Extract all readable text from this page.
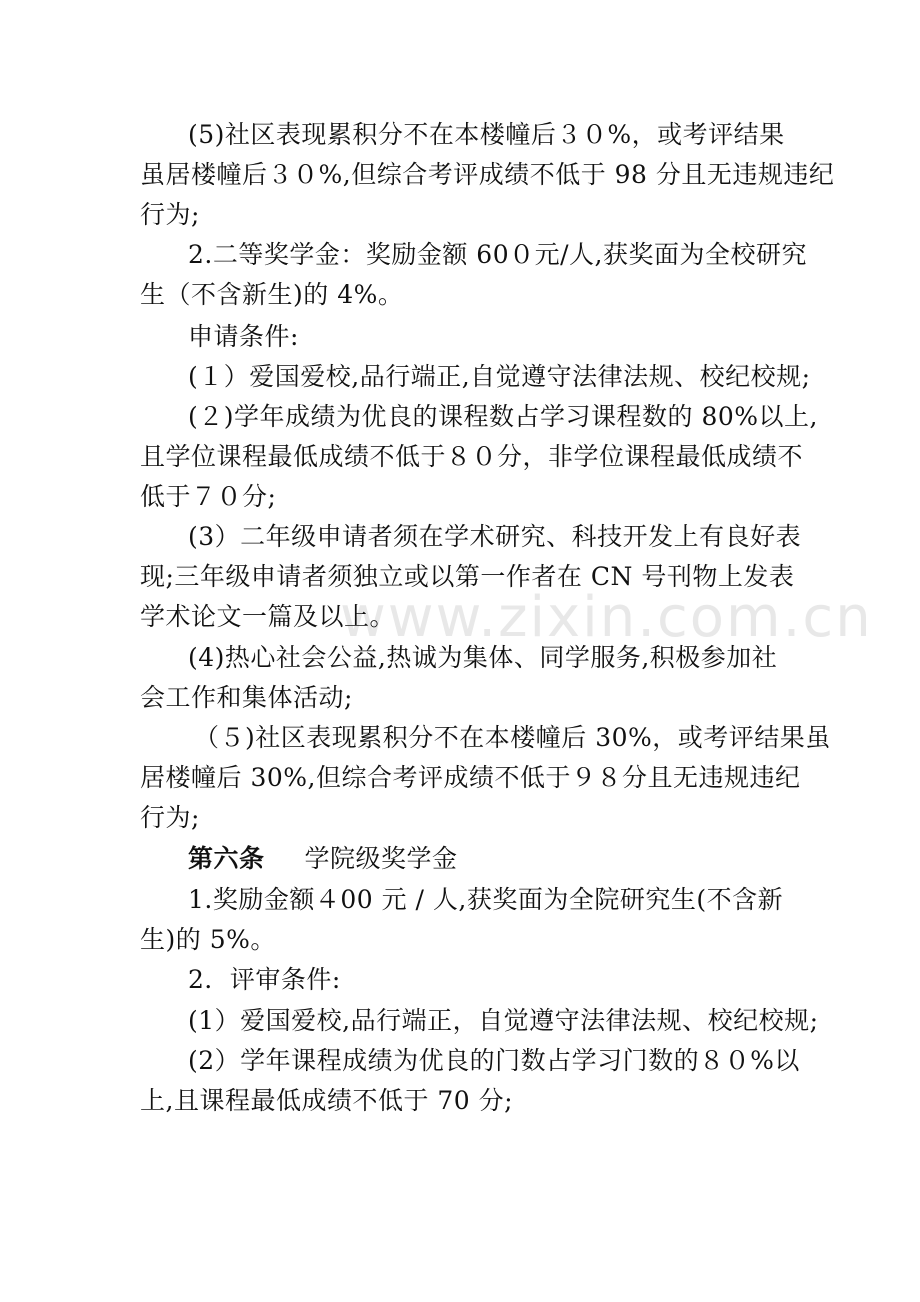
www.zixin.com.cn
(5)社区表现累积分不在本楼幢后３０%，或考评结果
虽居楼幢后３０%,但综合考评成绩不低于 98 分且无违规违纪
行为;
2.二等奖学金：奖励金额 60０元/人,获奖面为全校研究
生（不含新生)的 4%。
申请条件:
(１）爱国爱校,品行端正,自觉遵守法律法规、校纪校规;
(２)学年成绩为优良的课程数占学习课程数的 80%以上,
且学位课程最低成绩不低于８０分，非学位课程最低成绩不
低于７０分;
(3）二年级申请者须在学术研究、科技开发上有良好表
现;三年级申请者须独立或以第一作者在 CN 号刊物上发表
学术论文一篇及以上。
(4)热心社会公益,热诚为集体、同学服务,积极参加社
会工作和集体活动;
（５)社区表现累积分不在本楼幢后 30%，或考评结果虽
居楼幢后 30%,但综合考评成绩不低于９８分且无违规违纪
行为;
第六条 学院级奖学金
1.奖励金额４00 元 / 人,获奖面为全院研究生(不含新
生)的 5%。
2．评审条件:
(1）爱国爱校,品行端正，自觉遵守法律法规、校纪校规;
(2）学年课程成绩为优良的门数占学习门数的８０%以
上,且课程最低成绩不低于 70 分;
